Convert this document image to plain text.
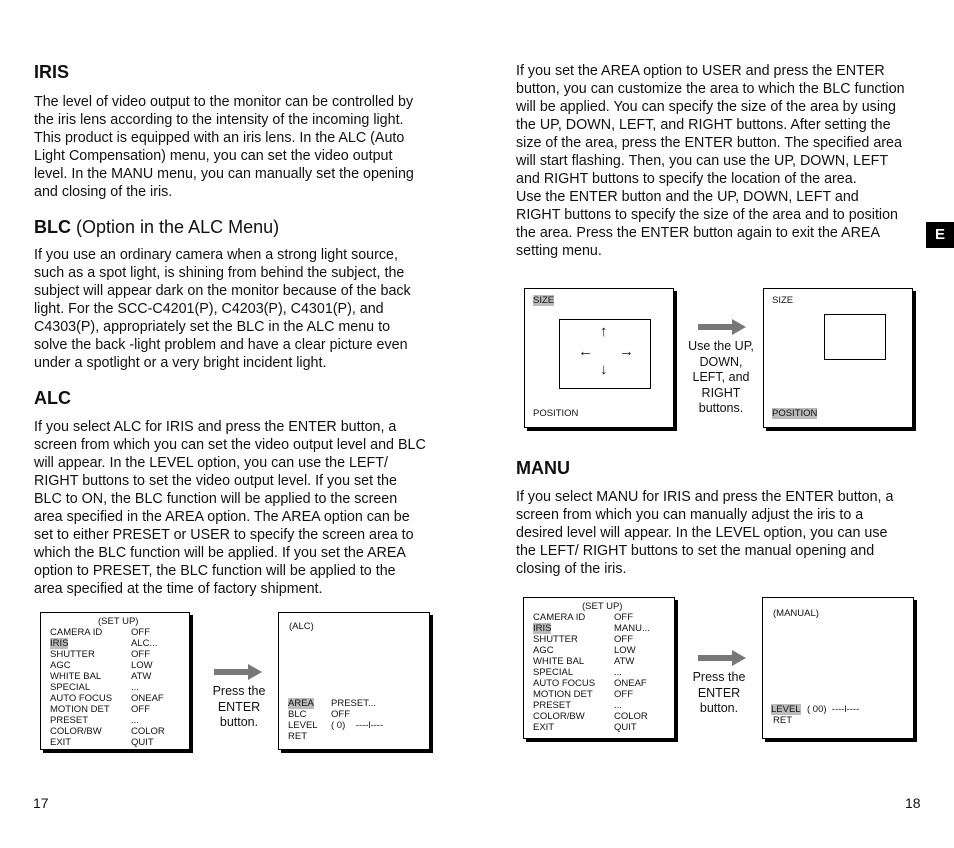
IRIS

The level of video output to the monitor can be controlled by
the iris lens according to the intensity of the incoming light.
This product is equipped with an iris lens. In the ALC (Auto
Light Compensation) menu, you can set the video output
level. In the MANU menu, you can manually set the opening
and closing of the iris.

BLC (Option in the ALC Menu)

If you use an ordinary camera when a strong light source,
such as a spot light, is shining from behind the subject, the
subject will appear dark on the monitor because of the back
light. For the SCC-C4201(P), C4203(P), C4301(P), and
C4303(P), appropriately set the BLC in the ALC menu to
solve the back -light problem and have a clear picture even
under a spotlight or a very bright incident light.

ALC

If you select ALC for IRIS and press the ENTER button, a
screen from which you can set the video output level and BLC
will appear. In the LEVEL option, you can use the LEFT/
RIGHT buttons to set the video output level. If you set the
BLC to ON, the BLC function will be applied to the screen
area specified in the AREA option. The AREA option can be
set to either PRESET or USER to specify the screen area to
which the BLC function will be applied. If you set the AREA
option to PRESET, the BLC function will be applied to the
area specified at the time of factory shipment.

(SET UP)
CAMERA ID	OFF
IRIS	ALC...
SHUTTER	OFF
AGC	LOW
WHITE BAL	ATW
SPECIAL	...
AUTO FOCUS ONEAF
MOTION DET OFF
PRESET	...
COLOR/BW	COLOR
EXIT	QUIT
Press the
ENTER
button.
(ALC)
AREA PRESET...
BLC	OFF
LEVEL ( 0)    ----l----
RET
17

If you set the AREA option to USER and press the ENTER
button, you can customize the area to which the BLC function
will be applied. You can specify the size of the area by using
the UP, DOWN, LEFT, and RIGHT buttons. After setting the
size of the area, press the ENTER button. The specified area
will start flashing. Then, you can use the UP, DOWN, LEFT
and RIGHT buttons to specify the location of the area.
Use the ENTER button and the UP, DOWN, LEFT and
RIGHT buttons to specify the size of the area and to position
the area. Press the ENTER button again to exit the AREA
setting menu.

E
SIZE
↑
↓
← →
POSITION
Use the UP,
DOWN,
LEFT, and
RIGHT
buttons.
SIZE
POSITION
MANU

If you select MANU for IRIS and press the ENTER button, a
screen from which you can manually adjust the iris to a
desired level will appear. In the LEVEL option, you can use
the LEFT/ RIGHT buttons to set the manual opening and
closing of the iris.

(SET UP)
CAMERA ID	OFF
IRIS	MANU...
SHUTTER	OFF
AGC	LOW
WHITE BAL	ATW
SPECIAL	...
AUTO FOCUS ONEAF
MOTION DET OFF
PRESET	...
COLOR/BW	COLOR
EXIT	QUIT
Press the
ENTER
button.
(MANUAL)
LEVEL ( 00)  ----l----
RET
18
